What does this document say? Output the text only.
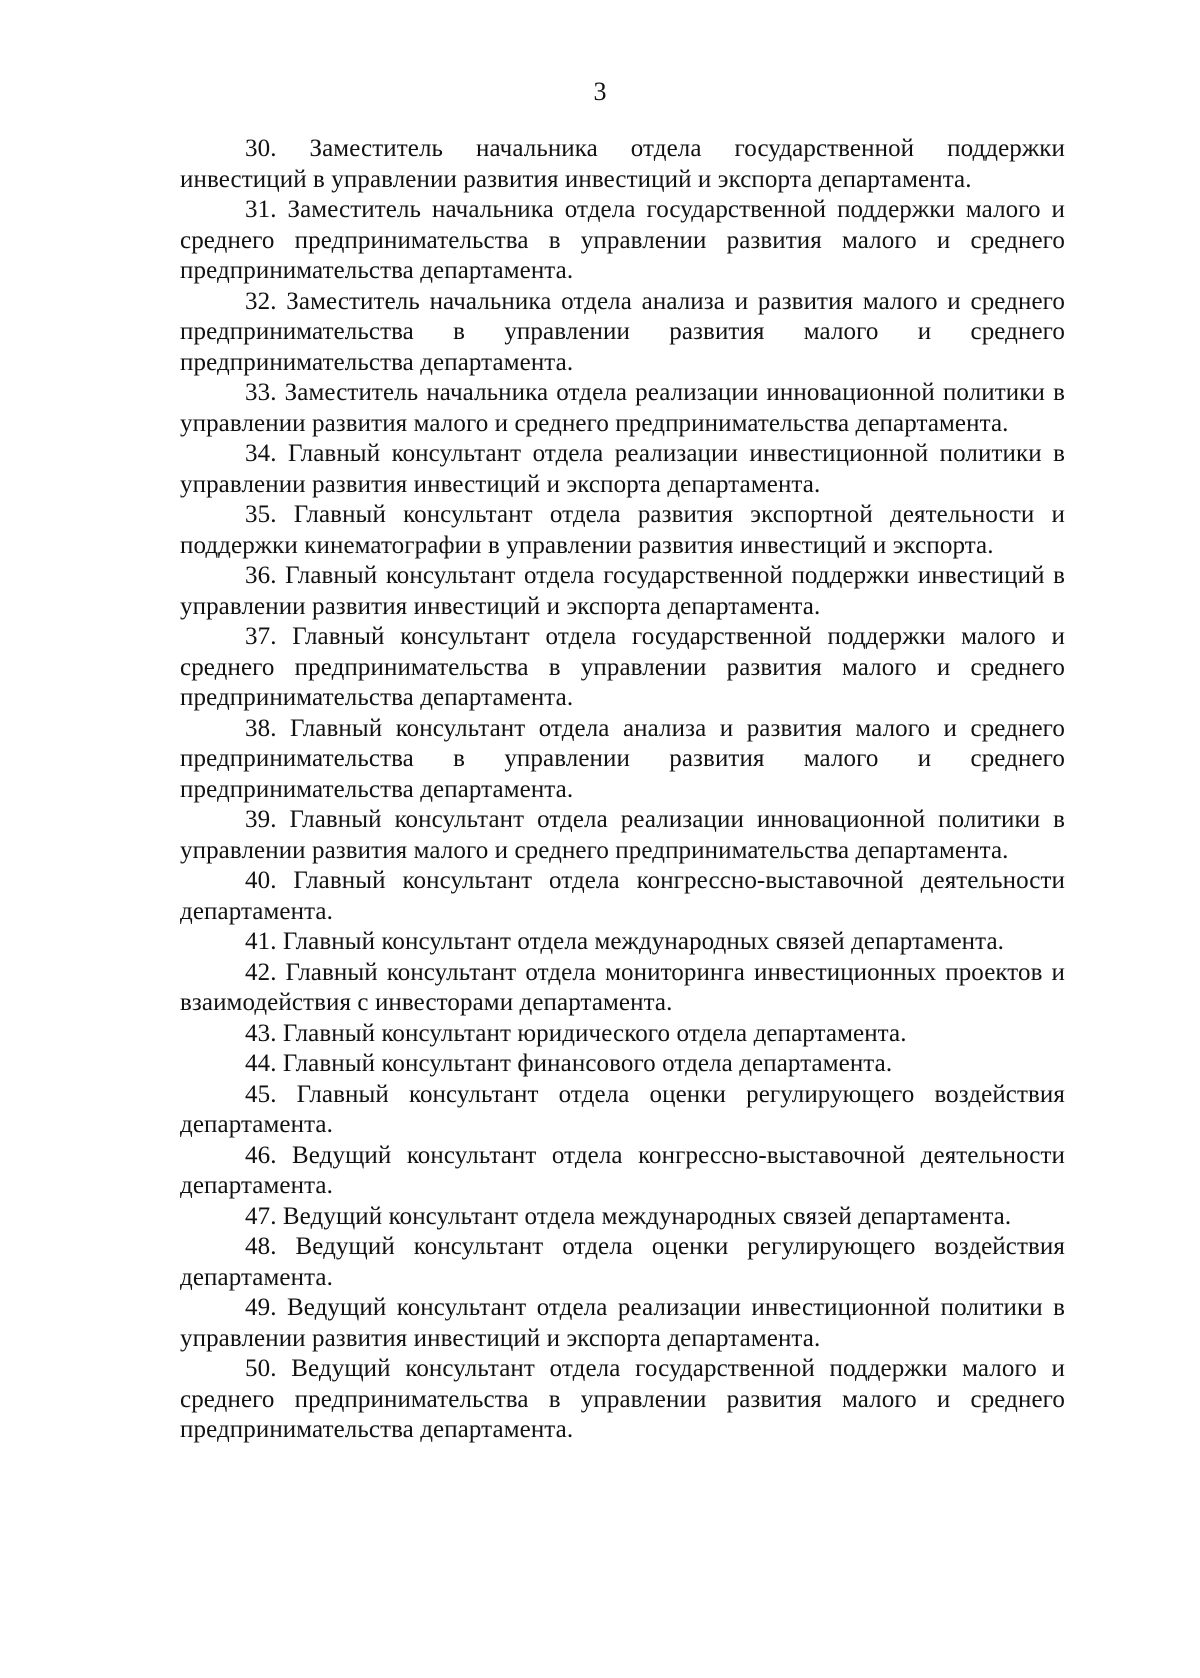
3

30. Заместитель начальника отдела государственной поддержки инвестиций в управлении развития инвестиций и экспорта департамента.

31. Заместитель начальника отдела государственной поддержки малого и среднего предпринимательства в управлении развития малого и среднего предпринимательства департамента.

32. Заместитель начальника отдела анализа и развития малого и среднего предпринимательства в управлении развития малого и среднего предпринимательства департамента.

33. Заместитель начальника отдела реализации инновационной политики в управлении развития малого и среднего предпринимательства департамента.

34. Главный консультант отдела реализации инвестиционной политики в управлении развития инвестиций и экспорта департамента.

35. Главный консультант отдела развития экспортной деятельности и поддержки кинематографии в управлении развития инвестиций и экспорта.

36. Главный консультант отдела государственной поддержки инвестиций в управлении развития инвестиций и экспорта департамента.

37. Главный консультант отдела государственной поддержки малого и среднего предпринимательства в управлении развития малого и среднего предпринимательства департамента.

38. Главный консультант отдела анализа и развития малого и среднего предпринимательства в управлении развития малого и среднего предпринимательства департамента.

39. Главный консультант отдела реализации инновационной политики в управлении развития малого и среднего предпринимательства департамента.

40. Главный консультант отдела конгрессно-выставочной деятельности департамента.

41. Главный консультант отдела международных связей департамента.

42. Главный консультант отдела мониторинга инвестиционных проектов и взаимодействия с инвесторами департамента.

43. Главный консультант юридического отдела департамента.

44. Главный консультант финансового отдела департамента.

45. Главный консультант отдела оценки регулирующего воздействия департамента.

46. Ведущий консультант отдела конгрессно-выставочной деятельности департамента.

47. Ведущий консультант отдела международных связей департамента.

48. Ведущий консультант отдела оценки регулирующего воздействия департамента.

49. Ведущий консультант отдела реализации инвестиционной политики в управлении развития инвестиций и экспорта департамента.

50. Ведущий консультант отдела государственной поддержки малого и среднего предпринимательства в управлении развития малого и среднего предпринимательства департамента.
